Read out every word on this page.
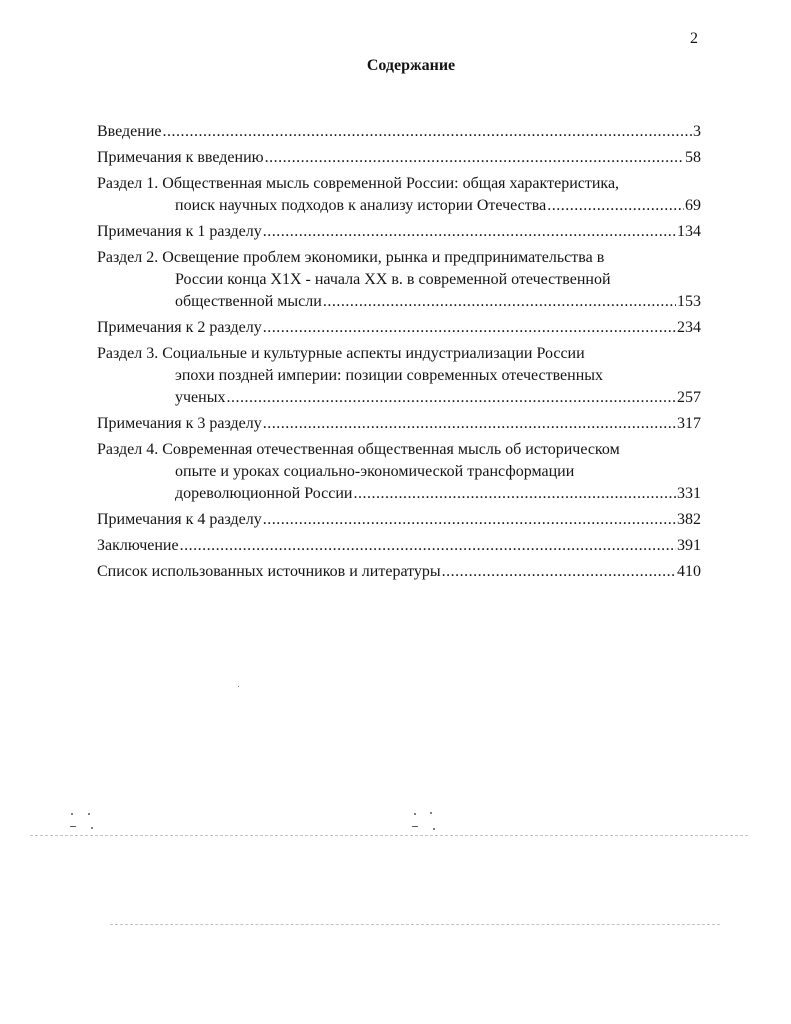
2
Содержание
Введение .....	3
Примечания к введению .....	58
Раздел 1. Общественная мысль современной России: общая характеристика,
поиск научных подходов к анализу истории Отечества .....	69
Примечания к 1 разделу .....	134
Раздел 2. Освещение проблем экономики, рынка и предпринимательства в
России конца Х1Х - начала ХХ в. в современной отечественной
общественной мысли .....	153
Примечания к 2 разделу .....	234
Раздел 3. Социальные и культурные аспекты индустриализации России
эпохи поздней империи: позиции современных отечественных
ученых .....	257
Примечания к 3 разделу .....	317
Раздел 4. Современная отечественная общественная мысль об историческом
опыте и уроках социально-экономической трансформации
дореволюционной России .....	331
Примечания к 4 разделу .....	382
Заключение .....	391
Список использованных источников и литературы .....	410
